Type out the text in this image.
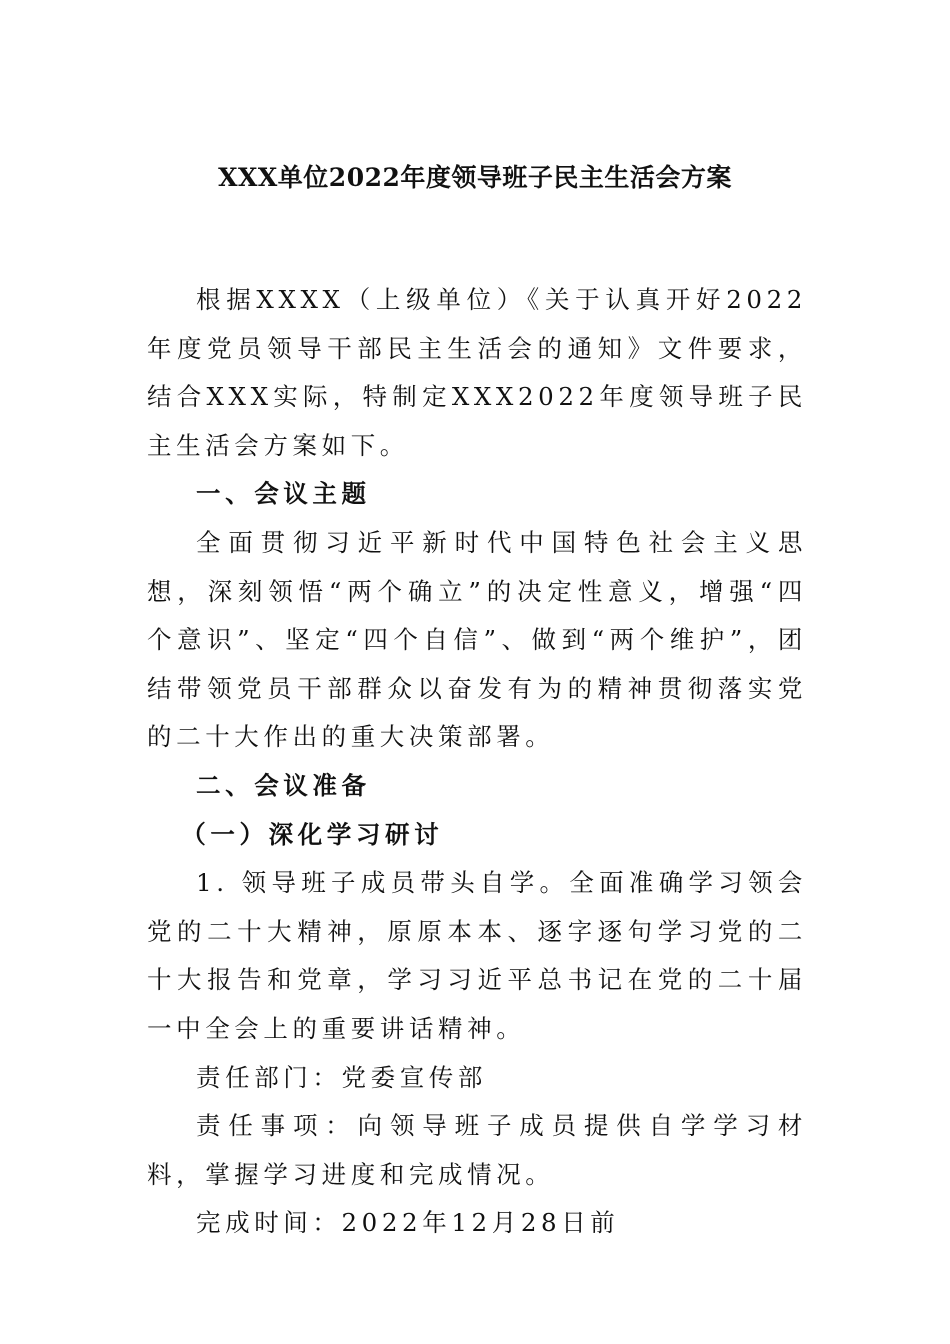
XXX单位2022年度领导班子民主生活会方案

根据XXXX（上级单位）《关于认真开好2022年度党员领导干部民主生活会的通知》文件要求，结合XXX实际，特制定XXX2022年度领导班子民主生活会方案如下。

一、会议主题

全面贯彻习近平新时代中国特色社会主义思想，深刻领悟“两个确立”的决定性意义，增强“四个意识”、坚定“四个自信”、做到“两个维护”，团结带领党员干部群众以奋发有为的精神贯彻落实党的二十大作出的重大决策部署。

二、会议准备

（一）深化学习研讨

1. 领导班子成员带头自学。全面准确学习领会党的二十大精神，原原本本、逐字逐句学习党的二十大报告和党章，学习习近平总书记在党的二十届一中全会上的重要讲话精神。

责任部门：党委宣传部

责任事项：向领导班子成员提供自学学习材料，掌握学习进度和完成情况。

完成时间：2022年12月28日前
